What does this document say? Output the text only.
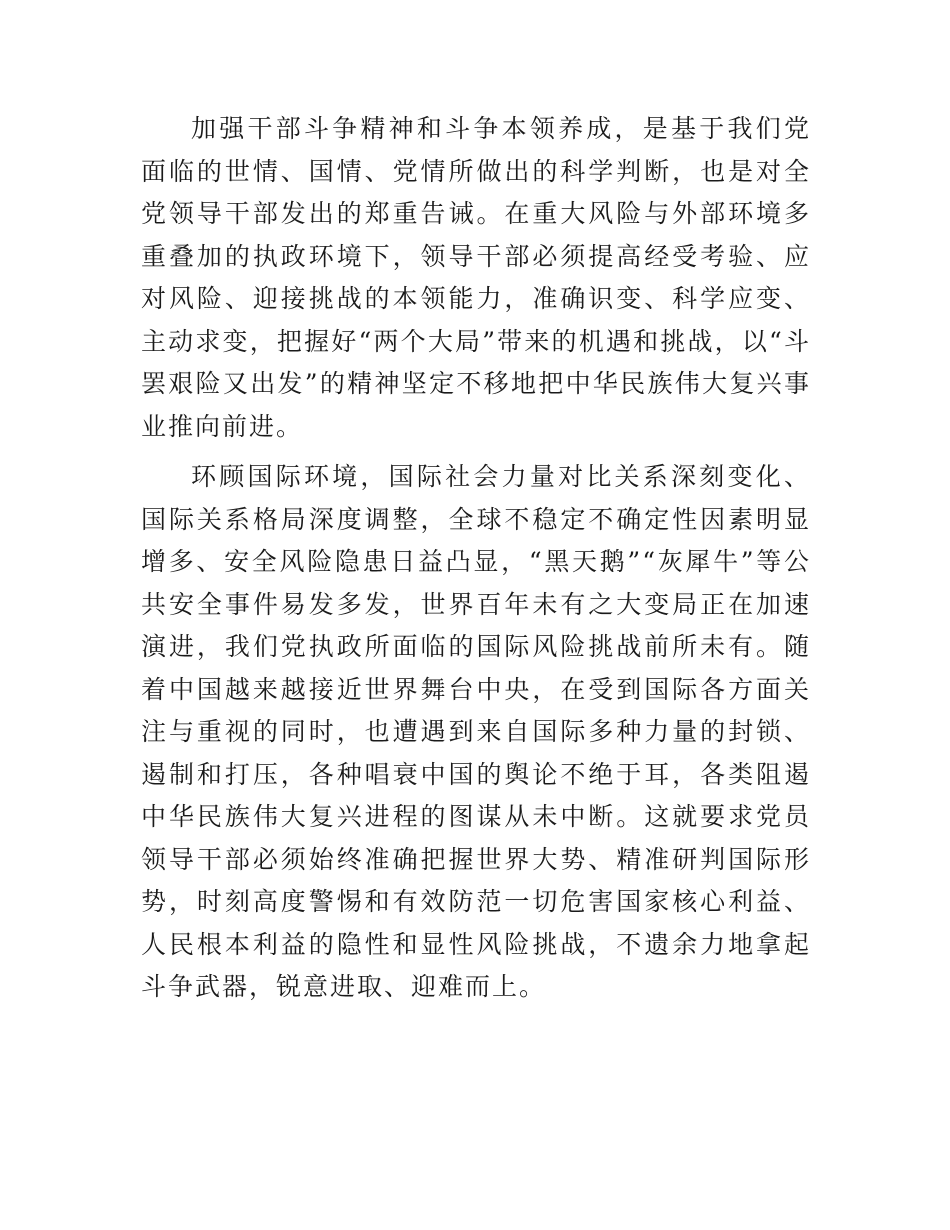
加强干部斗争精神和斗争本领养成，是基于我们党面临的世情、国情、党情所做出的科学判断，也是对全党领导干部发出的郑重告诫。在重大风险与外部环境多重叠加的执政环境下，领导干部必须提高经受考验、应对风险、迎接挑战的本领能力，准确识变、科学应变、主动求变，把握好“两个大局”带来的机遇和挑战，以“斗罢艰险又出发”的精神坚定不移地把中华民族伟大复兴事业推向前进。

环顾国际环境，国际社会力量对比关系深刻变化、国际关系格局深度调整，全球不稳定不确定性因素明显增多、安全风险隐患日益凸显，“黑天鹅”“灰犀牛”等公共安全事件易发多发，世界百年未有之大变局正在加速演进，我们党执政所面临的国际风险挑战前所未有。随着中国越来越接近世界舞台中央，在受到国际各方面关注与重视的同时，也遭遇到来自国际多种力量的封锁、遏制和打压，各种唱衰中国的舆论不绝于耳，各类阻遏中华民族伟大复兴进程的图谋从未中断。这就要求党员领导干部必须始终准确把握世界大势、精准研判国际形势，时刻高度警惕和有效防范一切危害国家核心利益、人民根本利益的隐性和显性风险挑战，不遗余力地拿起斗争武器，锐意进取、迎难而上。
